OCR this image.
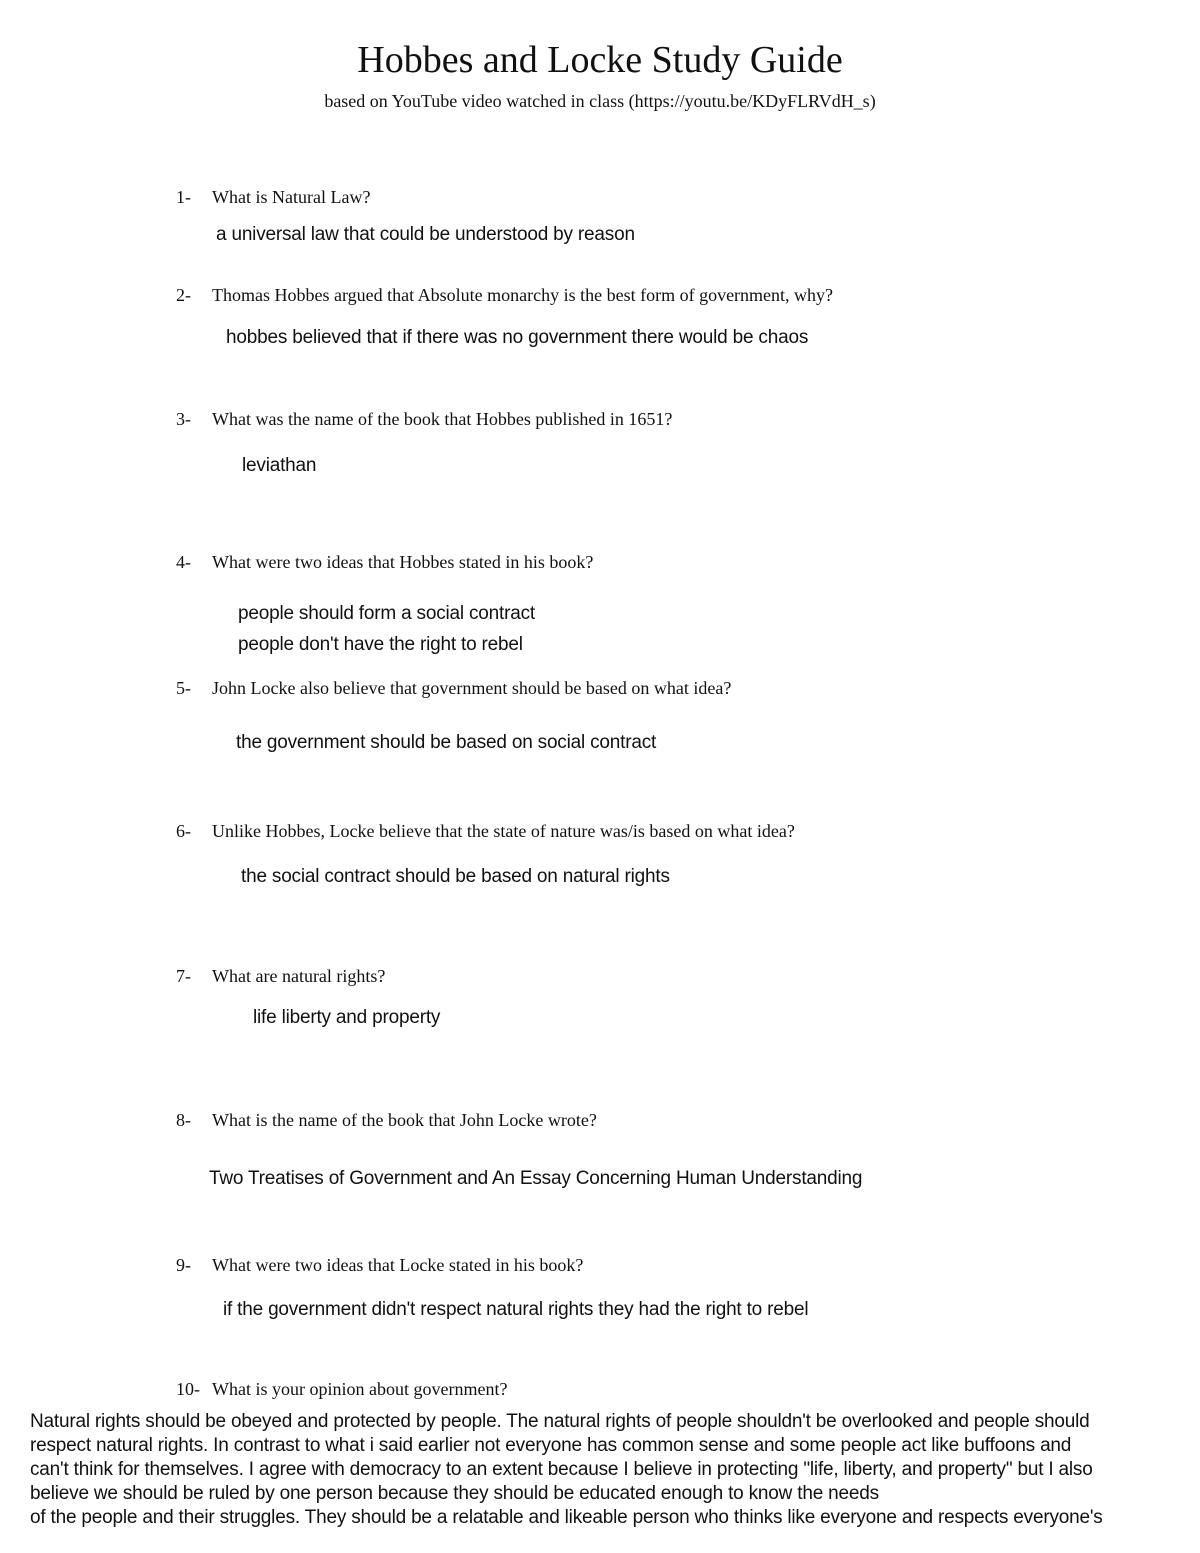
Hobbes and Locke Study Guide
based on YouTube video watched in class (https://youtu.be/KDyFLRVdH_s)
1-	What is Natural Law?
a universal law that could be understood by reason
2-	Thomas Hobbes argued that Absolute monarchy is the best form of government, why?
hobbes believed that if there was no government there would be chaos
3-	What was the name of the book that Hobbes published in 1651?
leviathan
4-	What were two ideas that Hobbes stated in his book?
people should form a social contract
people don't have the right to rebel
5-	John Locke also believe that government should be based on what idea?
the government should be based on social contract
6-	Unlike Hobbes, Locke believe that the state of nature was/is based on what idea?
the social contract should be based on natural rights
7-	What are natural rights?
life liberty and property
8-	What is the name of the book that John Locke wrote?
Two Treatises of Government and An Essay Concerning Human Understanding
9-	What were two ideas that Locke stated in his book?
if the government didn't respect natural rights they had the right to rebel
10- What is your opinion about government?
Natural rights should be obeyed and protected by people. The natural rights of people shouldn't be overlooked and people should
respect natural rights. In contrast to what i said earlier not everyone has common sense and some people act like buffoons and
can't think for themselves. I agree with democracy to an extent because I believe in protecting "life, liberty, and property" but I also
believe we should be ruled by one person because they should be educated enough to know the needs
of the people and their struggles. They should be a relatable and likeable person who thinks like everyone and respects everyone's
